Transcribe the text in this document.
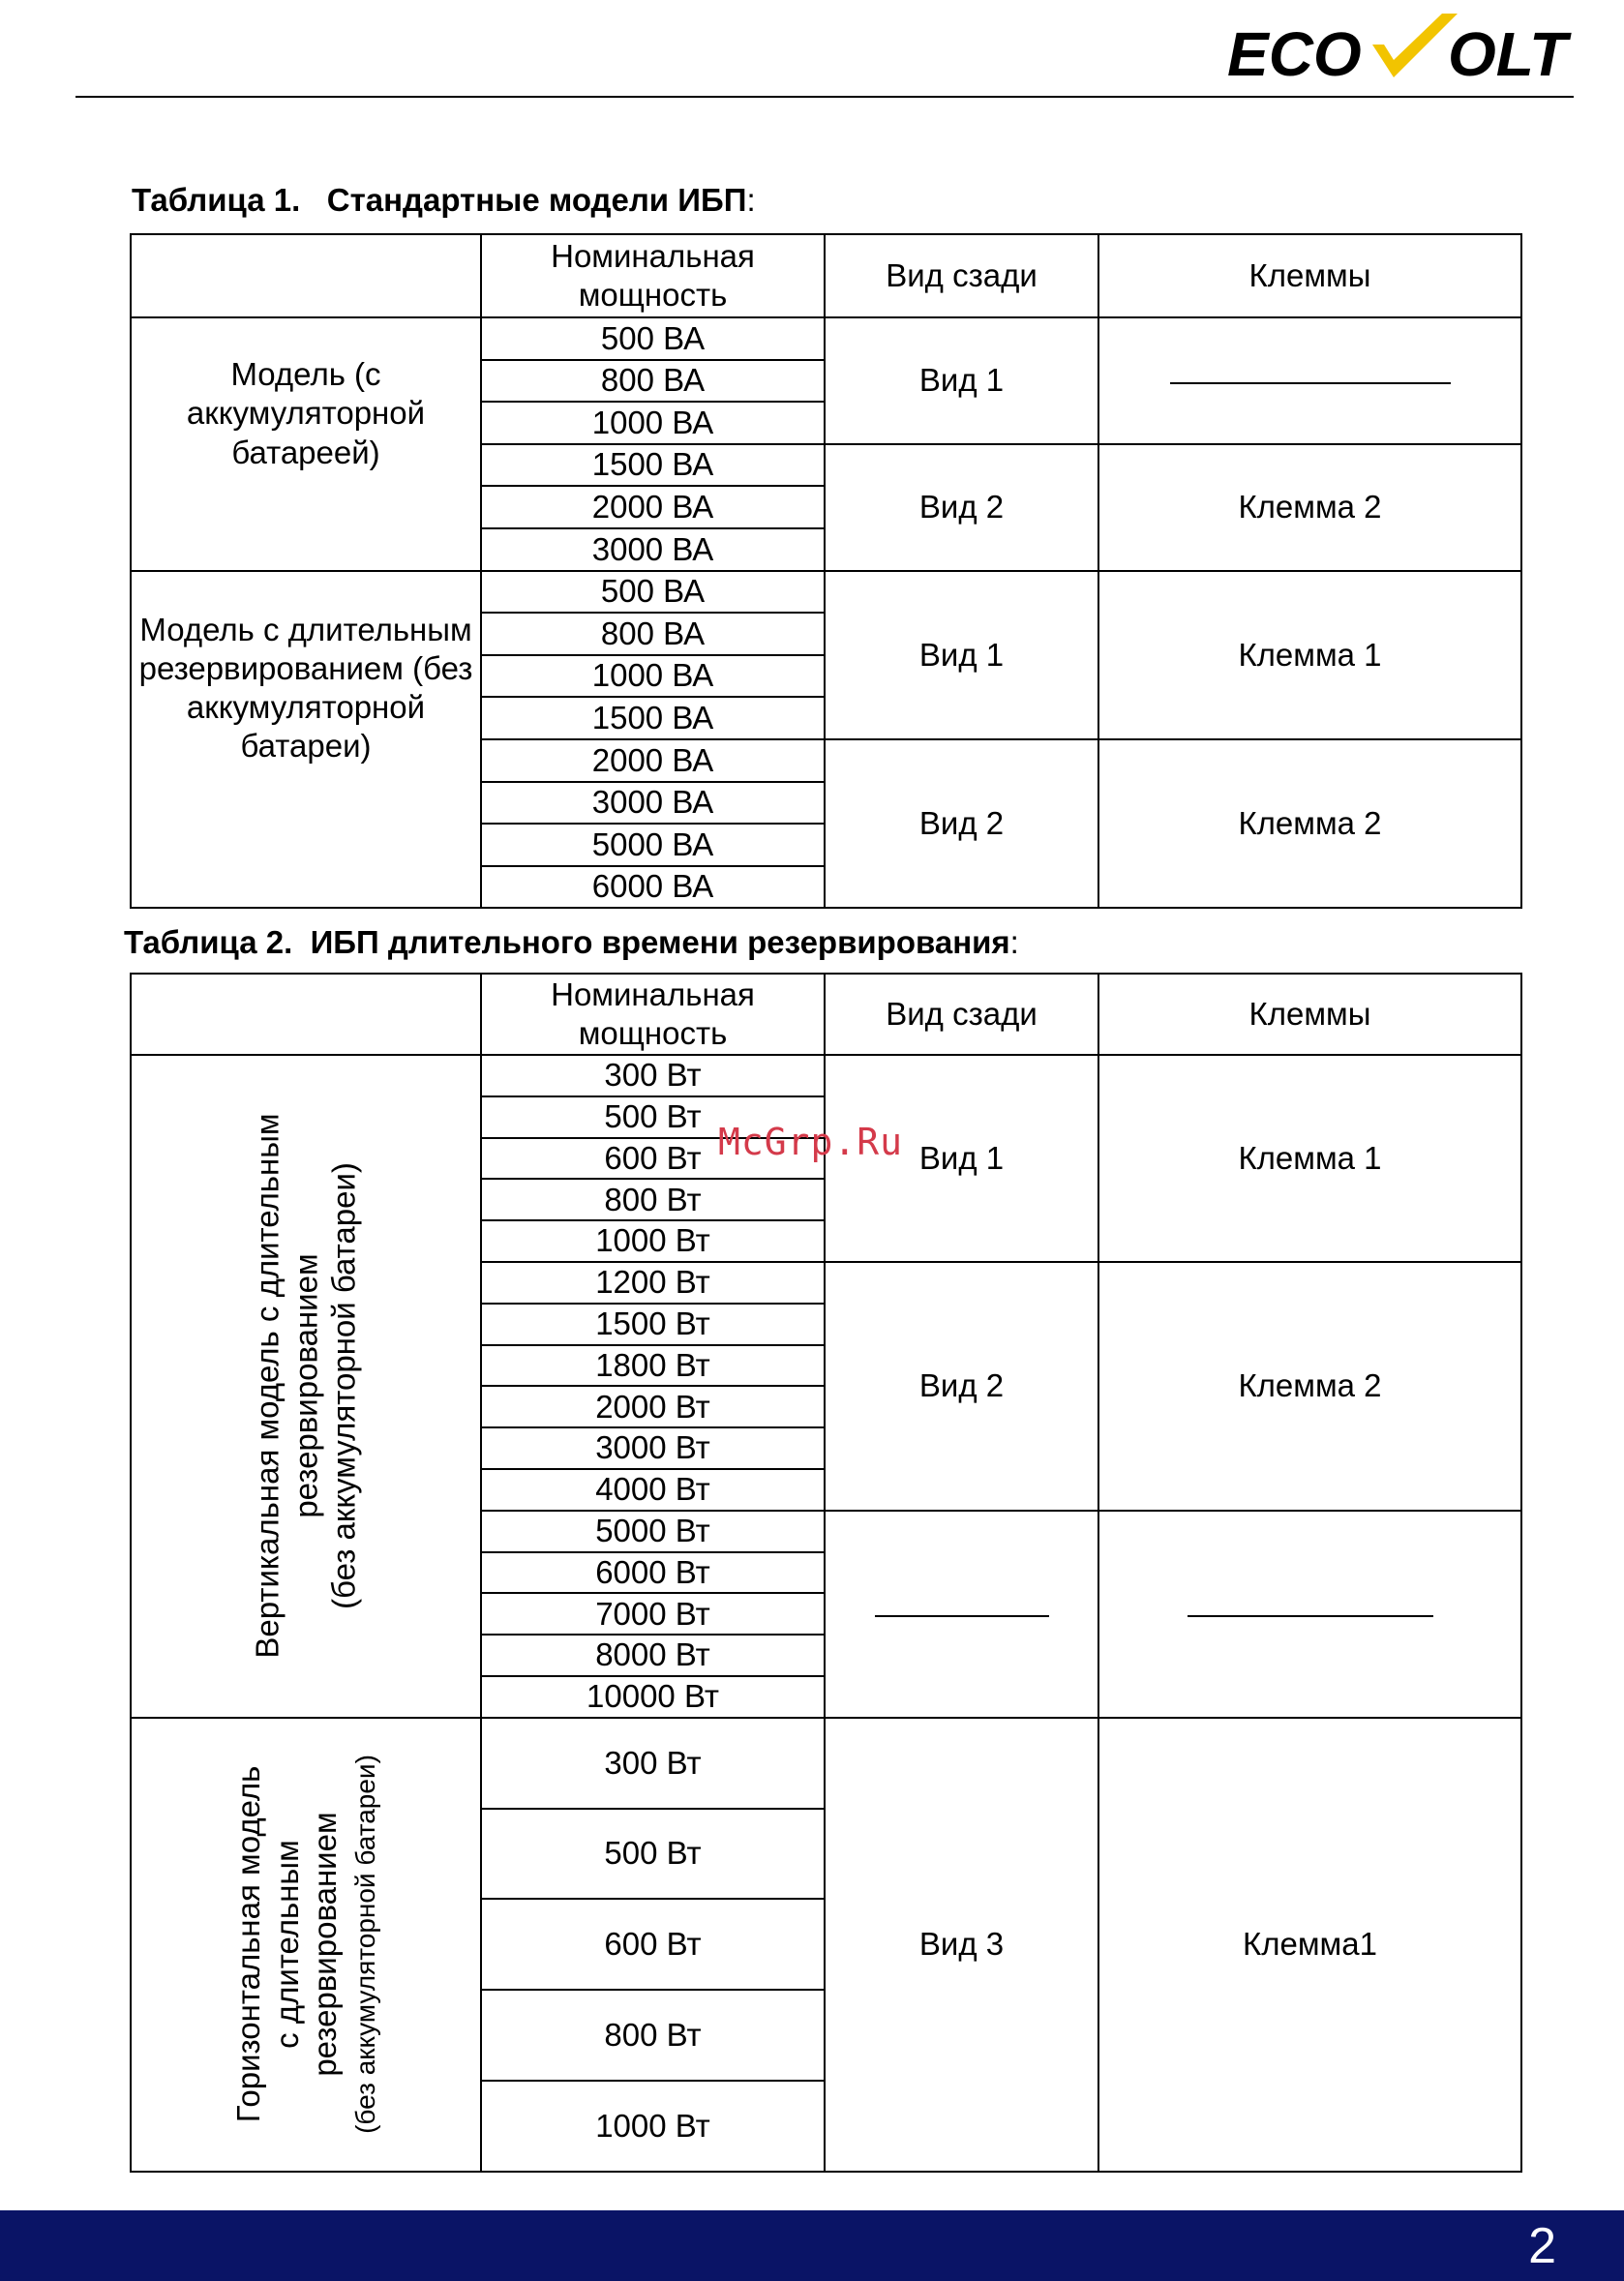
ECO OLT
Таблица 1. Стандартные модели ИБП:
	Номинальная мощность	Вид сзади	Клеммы
Модель (с аккумуляторной батареей)	500 ВА	Вид 1	
	800 ВА		
	1000 ВА		
	1500 ВА	Вид 2	Клемма 2
	2000 ВА		
	3000 ВА		
Модель с длительным резервированием (без аккумуляторной батареи)	500 ВА	Вид 1	Клемма 1
	800 ВА		
	1000 ВА		
	1500 ВА		
	2000 ВА	Вид 2	Клемма 2
	3000 ВА		
	5000 ВА		
	6000 ВА		
Таблица 2. ИБП длительного времени резервирования:
	Номинальная мощность	Вид сзади	Клеммы

Вертикальная модель с длительным
резервированием
(без аккумуляторной батареи)	300 Вт	Вид 1	Клемма 1
	500 Вт		
	600 Вт		
	800 Вт		
	1000 Вт		
	1200 Вт	Вид 2	Клемма 2
	1500 Вт		
	1800 Вт		
	2000 Вт		
	3000 Вт		
	4000 Вт		
	5000 Вт		
	6000 Вт		
	7000 Вт		
	8000 Вт		
	10000 Вт		

Горизонтальная модель
с длительным
резервированием (без аккумуляторной батареи)	300 Вт	Вид 3	Клемма1
	500 Вт		
	600 Вт		
	800 Вт		
	1000 Вт		
McGrp.Ru
2
